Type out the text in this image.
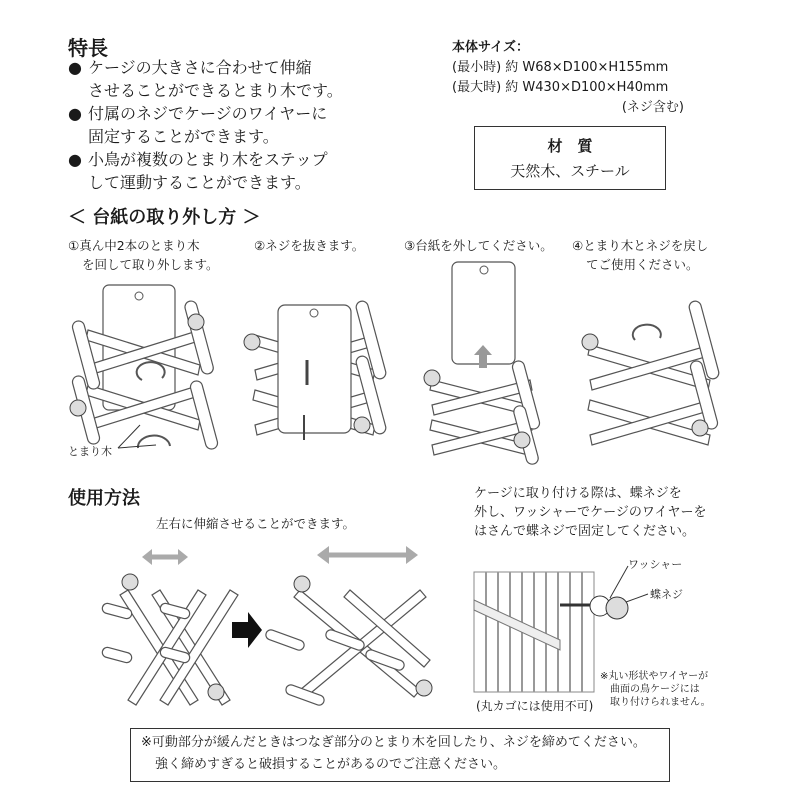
特長
● ケージの大きさに合わせて伸縮
させることができるとまり木です。
● 付属のネジでケージのワイヤーに
固定することができます。
● 小鳥が複数のとまり木をステップ
して運動することができます。
本体サイズ：
(最小時) 約 W68×D100×H155mm
(最大時) 約 W430×D100×H40mm
(ネジ含む)
材　質
天然木、スチール
＜ 台紙の取り外し方 ＞
①真ん中2本のとまり木
を回して取り外します。
②ネジを抜きます。	③台紙を外してください。 ④とまり木とネジを戻し
てご使用ください。
とまり木
使用方法
左右に伸縮させることができます。
ケージに取り付ける際は、蝶ネジを
外し、ワッシャーでケージのワイヤーを
はさんで蝶ネジで固定してください。
ワッシャー
蝶ネジ
(丸カゴには使用不可)
※丸い形状やワイヤーが
曲面の鳥ケージには
取り付けられません。
※可動部分が緩んだときはつなぎ部分のとまり木を回したり、ネジを締めてください。
強く締めすぎると破損することがあるのでご注意ください。
